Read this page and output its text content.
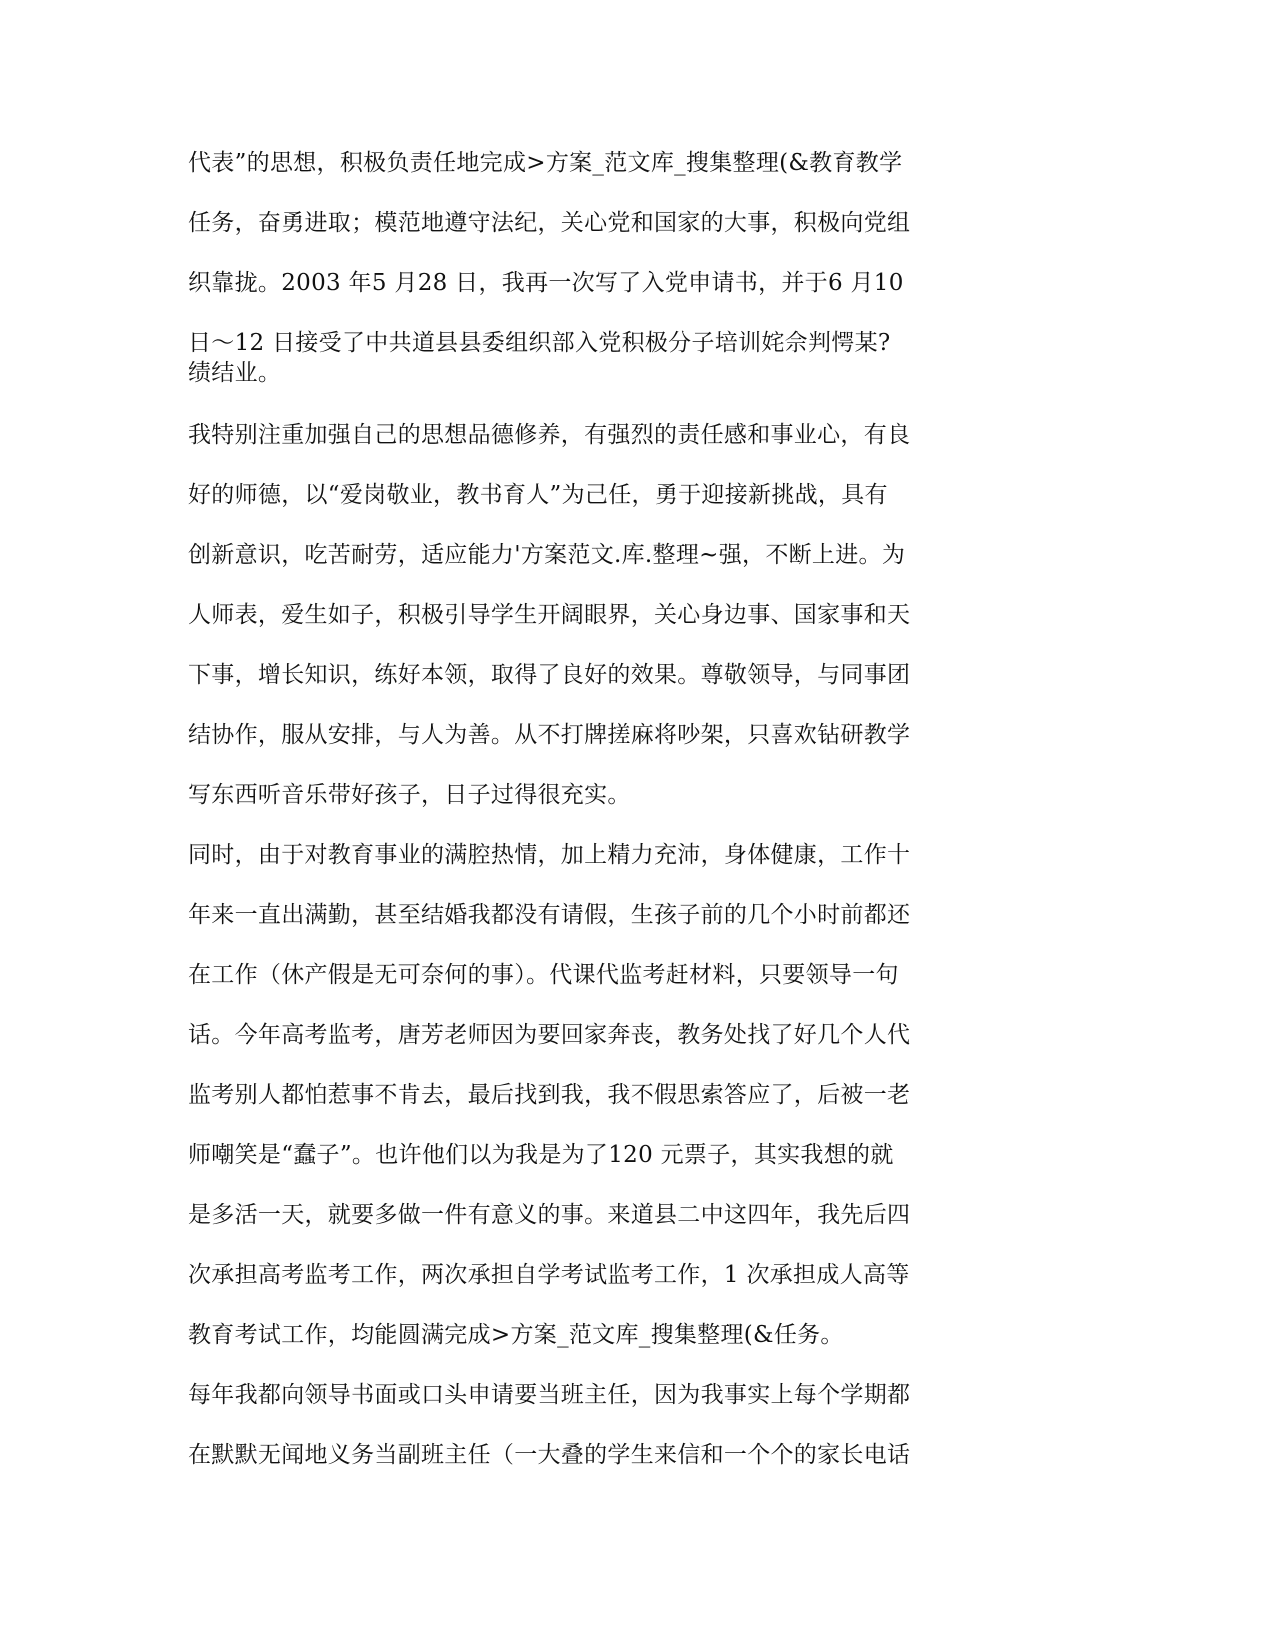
代表”的思想，积极负责任地完成>方案_范文库_搜集整理(&教育教学
任务，奋勇进取；模范地遵守法纪，关心党和国家的大事，积极向党组
织靠拢。2003 年5 月28 日，我再一次写了入党申请书，并于6 月10
日～12 日接受了中共道县县委组织部入党积极分子培训姹佘判愕某?
绩结业。
我特别注重加强自己的思想品德修养，有强烈的责任感和事业心，有良
好的师德，以“爱岗敬业，教书育人”为己任，勇于迎接新挑战，具有
创新意识，吃苦耐劳，适应能力'方案范文.库.整理~强，不断上进。为
人师表，爱生如子，积极引导学生开阔眼界，关心身边事、国家事和天
下事，增长知识，练好本领，取得了良好的效果。尊敬领导，与同事团
结协作，服从安排，与人为善。从不打牌搓麻将吵架，只喜欢钻研教学
写东西听音乐带好孩子，日子过得很充实。
同时，由于对教育事业的满腔热情，加上精力充沛，身体健康，工作十
年来一直出满勤，甚至结婚我都没有请假，生孩子前的几个小时前都还
在工作（休产假是无可奈何的事）。代课代监考赶材料，只要领导一句
话。今年高考监考，唐芳老师因为要回家奔丧，教务处找了好几个人代
监考别人都怕惹事不肯去，最后找到我，我不假思索答应了，后被一老
师嘲笑是“蠢子”。也许他们以为我是为了120 元票子，其实我想的就
是多活一天，就要多做一件有意义的事。来道县二中这四年，我先后四
次承担高考监考工作，两次承担自学考试监考工作，1 次承担成人高等
教育考试工作，均能圆满完成>方案_范文库_搜集整理(&任务。
每年我都向领导书面或口头申请要当班主任，因为我事实上每个学期都
在默默无闻地义务当副班主任（一大叠的学生来信和一个个的家长电话
